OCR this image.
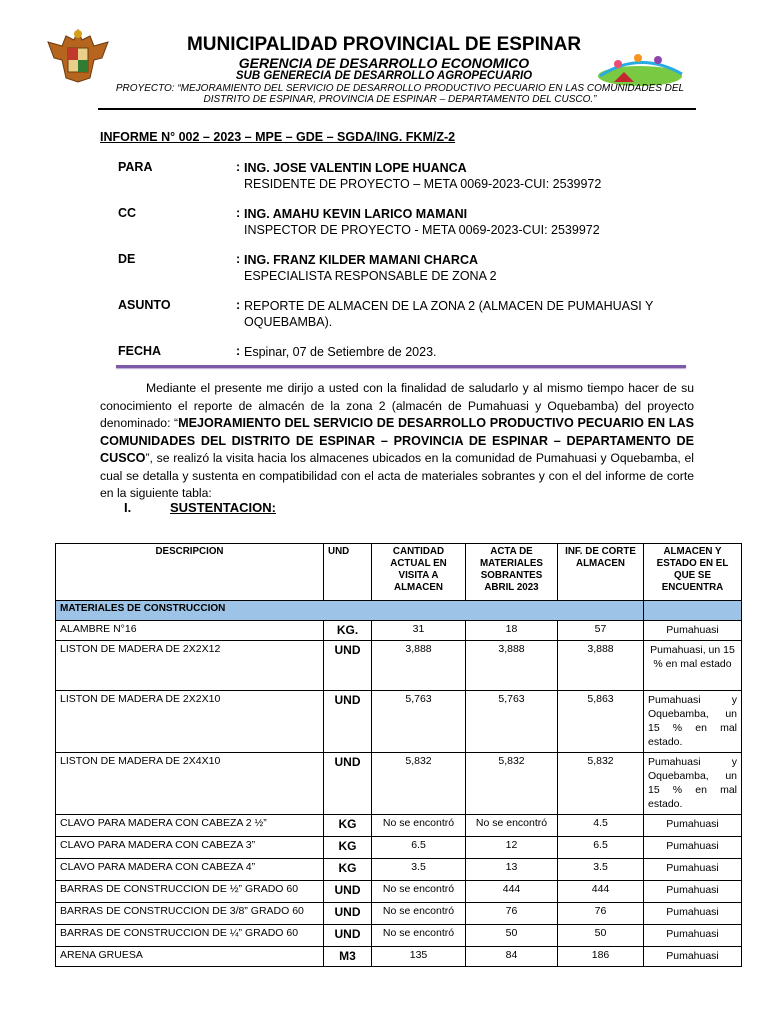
MUNICIPALIDAD PROVINCIAL DE ESPINAR
GERENCIA DE DESARROLLO ECONOMICO
SUB GENERECIA DE DESARROLLO AGROPECUARIO
PROYECTO: “MEJORAMIENTO DEL SERVICIO DE DESARROLLO PRODUCTIVO PECUARIO EN LAS COMUNIDADES DEL
DISTRITO DE ESPINAR, PROVINCIA DE ESPINAR – DEPARTAMENTO DEL CUSCO.”
INFORME N° 002 – 2023 – MPE – GDE – SGDA/ING. FKM/Z-2
PARA	: ING. JOSE VALENTIN LOPE HUANCA
RESIDENTE DE PROYECTO – META 0069-2023-CUI: 2539972
CC	: ING. AMAHU KEVIN LARICO MAMANI
INSPECTOR DE PROYECTO - META 0069-2023-CUI: 2539972
DE	: ING. FRANZ KILDER MAMANI CHARCA
ESPECIALISTA RESPONSABLE DE ZONA 2
ASUNTO	: REPORTE DE ALMACEN DE LA ZONA 2 (ALMACEN DE PUMAHUASI Y
OQUEBAMBA).
FECHA	: Espinar, 07 de Setiembre de 2023.
Mediante el presente me dirijo a usted con la finalidad de saludarlo y al mismo tiempo hacer de su conocimiento el reporte de almacén de la zona 2 (almacén de Pumahuasi y Oquebamba) del proyecto denominado: “MEJORAMIENTO DEL SERVICIO DE DESARROLLO PRODUCTIVO PECUARIO EN LAS COMUNIDADES DEL DISTRITO DE ESPINAR – PROVINCIA DE ESPINAR – DEPARTAMENTO DE CUSCO”, se realizó la visita hacia los almacenes ubicados en la comunidad de Pumahuasi y Oquebamba, el cual se detalla y sustenta en compatibilidad con el acta de materiales sobrantes y con el del informe de corte en la siguiente tabla:
I.	SUSTENTACION:
DESCRIPCION	UND	CANTIDAD ACTUAL EN VISITA A ALMACEN	ACTA DE MATERIALES SOBRANTES ABRIL 2023	INF. DE CORTE ALMACEN	ALMACEN Y ESTADO EN EL QUE SE ENCUENTRA
MATERIALES DE CONSTRUCCION					
ALAMBRE N°16	KG.	31	18	57	Pumahuasi
LISTON DE MADERA DE 2X2X12	UND	3,888	3,888	3,888	Pumahuasi, un 15 % en mal estado
LISTON DE MADERA DE 2X2X10	UND	5,763	5,763	5,863	Pumahuasi y Oquebamba, un 15 % en mal estado.
LISTON DE MADERA DE 2X4X10	UND	5,832	5,832	5,832	Pumahuasi y Oquebamba, un 15 % en mal estado.
CLAVO PARA MADERA CON CABEZA 2 ½”	KG	No se encontró	No se encontró	4.5	Pumahuasi
CLAVO PARA MADERA CON CABEZA 3”	KG	6.5	12	6.5	Pumahuasi
CLAVO PARA MADERA CON CABEZA 4”	KG	3.5	13	3.5	Pumahuasi
BARRAS DE CONSTRUCCION DE ½” GRADO 60	UND	No se encontró	444	444	Pumahuasi
BARRAS DE CONSTRUCCION DE 3/8” GRADO 60	UND	No se encontró	76	76	Pumahuasi
BARRAS DE CONSTRUCCION DE ¼” GRADO 60	UND	No se encontró	50	50	Pumahuasi
ARENA GRUESA	M3	135	84	186	Pumahuasi
